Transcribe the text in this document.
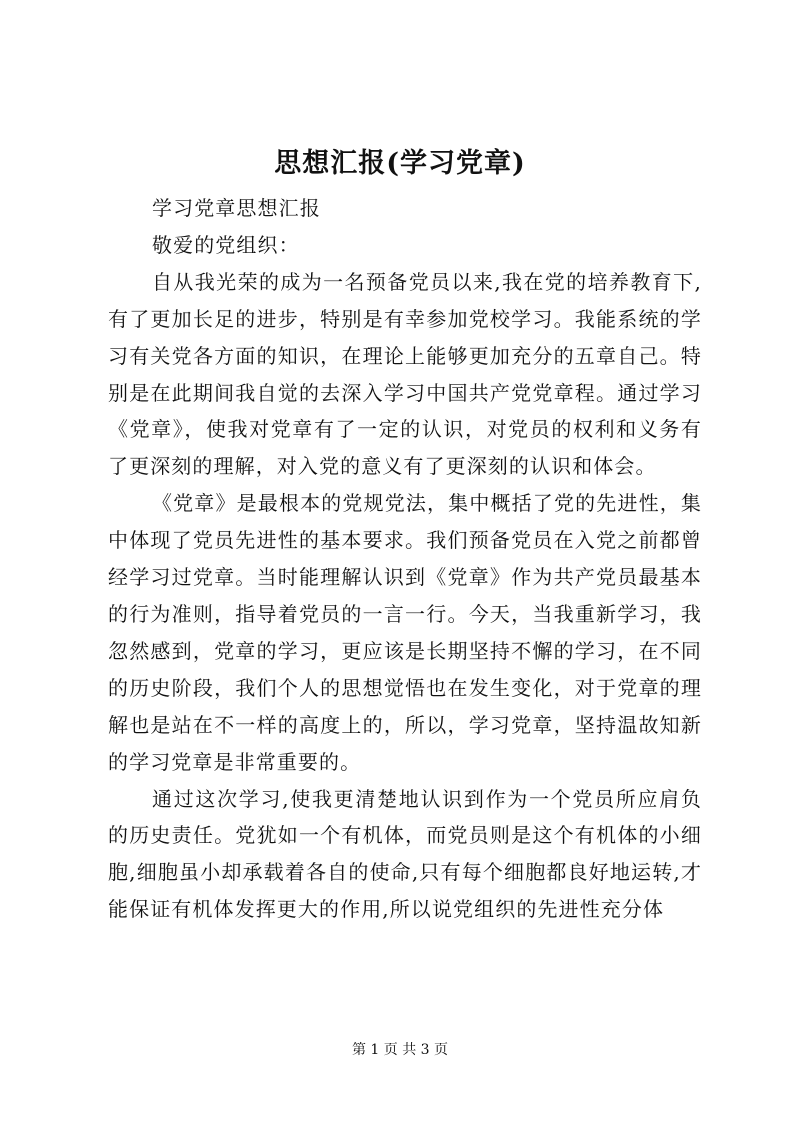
思想汇报(学习党章)

学习党章思想汇报

敬爱的党组织：

自从我光荣的成为一名预备党员以来,我在党的培养教育下,有了更加长足的进步，特别是有幸参加党校学习。我能系统的学习有关党各方面的知识，在理论上能够更加充分的五章自己。特别是在此期间我自觉的去深入学习中国共产党党章程。通过学习《党章》，使我对党章有了一定的认识，对党员的权利和义务有了更深刻的理解，对入党的意义有了更深刻的认识和体会。

《党章》是最根本的党规党法，集中概括了党的先进性，集中体现了党员先进性的基本要求。我们预备党员在入党之前都曾经学习过党章。当时能理解认识到《党章》作为共产党员最基本的行为准则，指导着党员的一言一行。今天，当我重新学习，我忽然感到，党章的学习，更应该是长期坚持不懈的学习，在不同的历史阶段，我们个人的思想觉悟也在发生变化，对于党章的理解也是站在不一样的高度上的，所以，学习党章，坚持温故知新的学习党章是非常重要的。

通过这次学习,使我更清楚地认识到作为一个党员所应肩负的历史责任。党犹如一个有机体，而党员则是这个有机体的小细胞,细胞虽小却承载着各自的使命,只有每个细胞都良好地运转,才能保证有机体发挥更大的作用,所以说党组织的先进性充分体

第 1 页 共 3 页
